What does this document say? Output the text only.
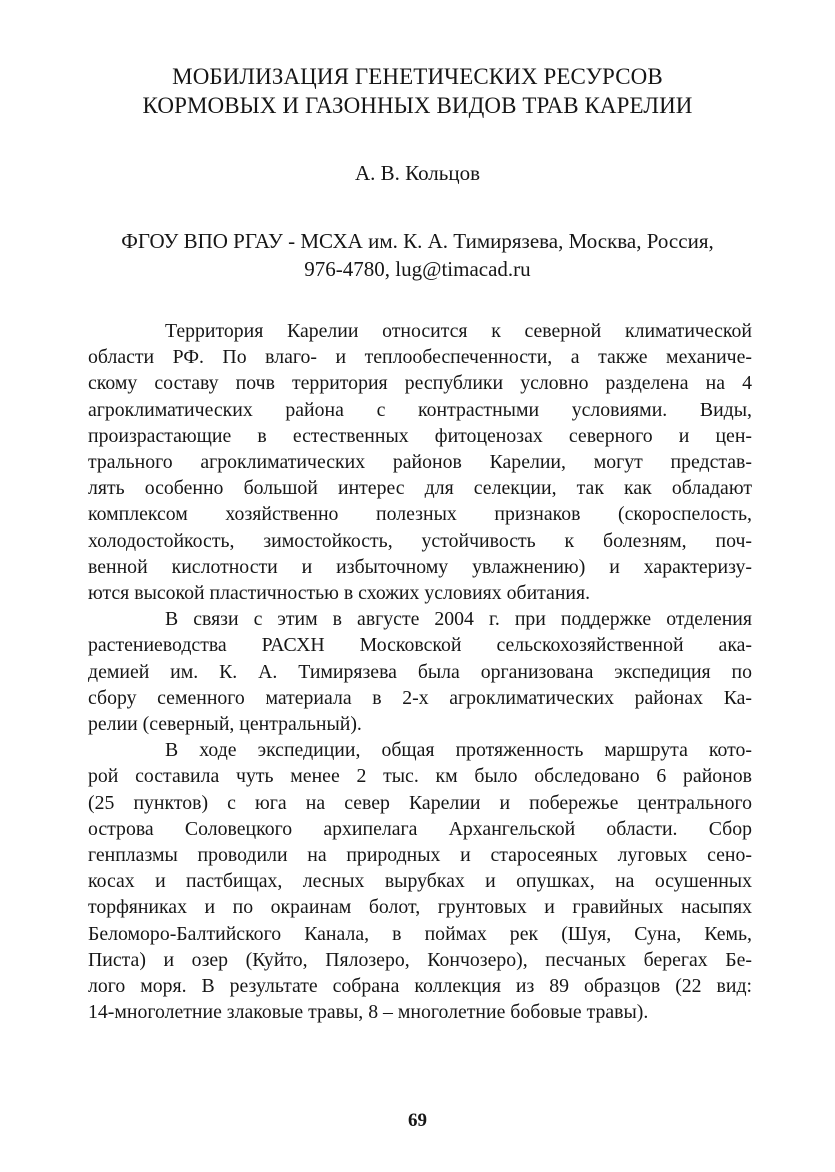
МОБИЛИЗАЦИЯ ГЕНЕТИЧЕСКИХ РЕСУРСОВ
КОРМОВЫХ И ГАЗОННЫХ ВИДОВ ТРАВ КАРЕЛИИ
А. В. Кольцов
ФГОУ ВПО РГАУ - МСХА им. К. А. Тимирязева, Москва, Россия,
976-4780, lug@timacad.ru
Территория Карелии относится к северной климатической
области РФ. По влаго- и теплообеспеченности, а также механиче-
скому составу почв территория республики условно разделена на 4
агроклиматических района с контрастными условиями. Виды,
произрастающие в естественных фитоценозах северного и цен-
трального агроклиматических районов Карелии, могут представ-
лять особенно большой интерес для селекции, так как обладают
комплексом хозяйственно полезных признаков (скороспелость,
холодостойкость, зимостойкость, устойчивость к болезням, поч-
венной кислотности и избыточному увлажнению) и характеризу-
ются высокой пластичностью в схожих условиях обитания.
В связи с этим в августе 2004 г. при поддержке отделения
растениеводства РАСХН Московской сельскохозяйственной ака-
демией им. К. А. Тимирязева была организована экспедиция по
сбору семенного материала в 2-х агроклиматических районах Ка-
релии (северный, центральный).
В ходе экспедиции, общая протяженность маршрута кото-
рой составила чуть менее 2 тыс. км было обследовано 6 районов
(25 пунктов) с юга на север Карелии и побережье центрального
острова Соловецкого архипелага Архангельской области. Сбор
генплазмы проводили на природных и старосеяных луговых сено-
косах и пастбищах, лесных вырубках и опушках, на осушенных
торфяниках и по окраинам болот, грунтовых и гравийных насыпях
Беломоро-Балтийского Канала, в поймах рек (Шуя, Суна, Кемь,
Писта) и озер (Куйто, Пялозеро, Кончозеро), песчаных берегах Бе-
лого моря. В результате собрана коллекция из 89 образцов (22 вид:
14-многолетние злаковые травы, 8 – многолетние бобовые травы).
69
